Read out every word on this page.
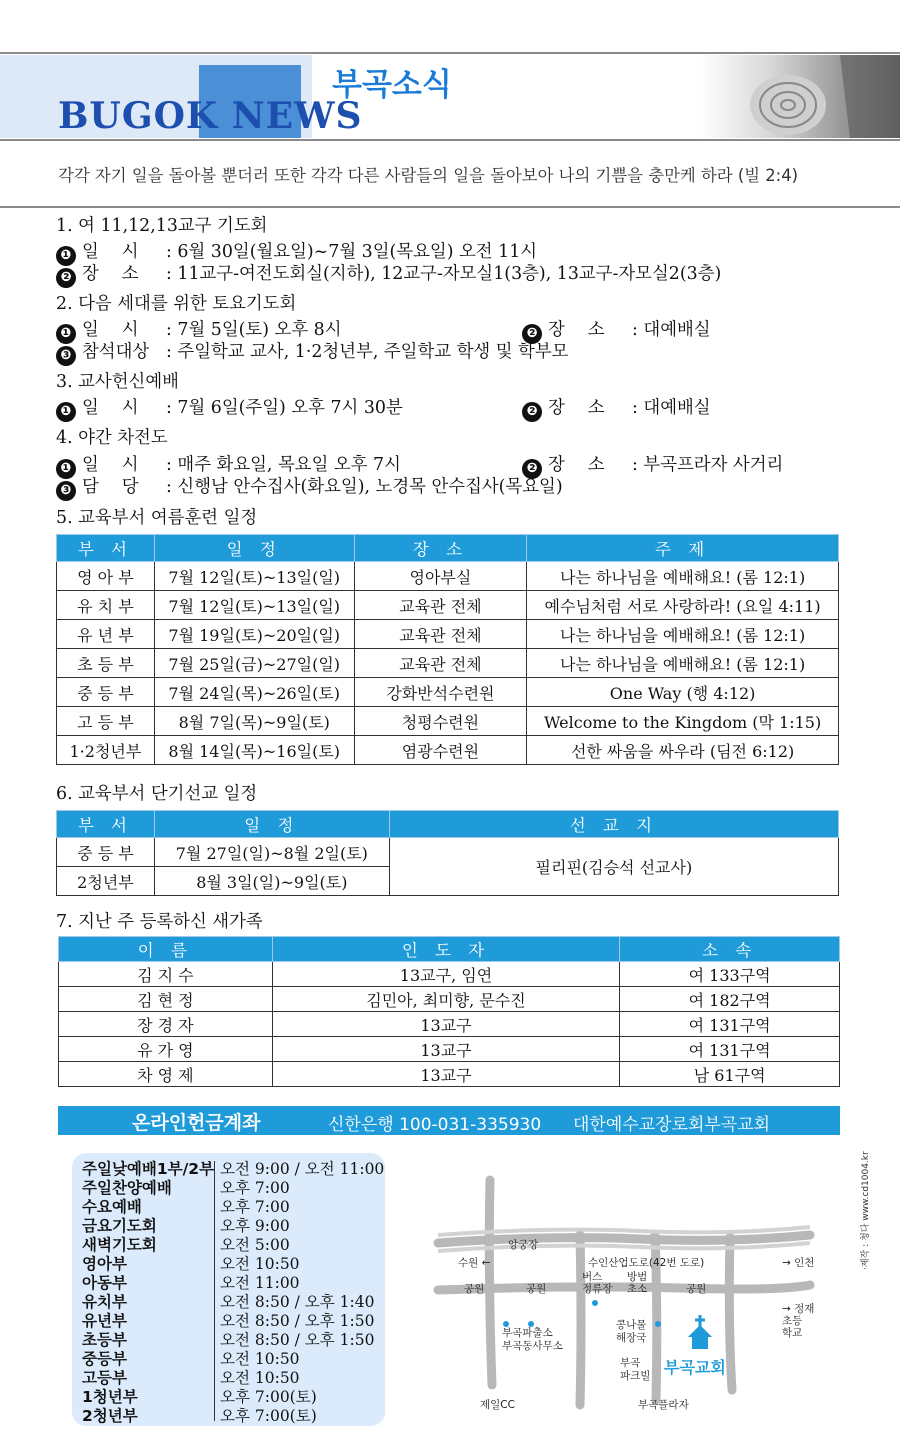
BUGOK NEWS
부곡소식
각각 자기 일을 돌아볼 뿐더러 또한 각각 다른 사람들의 일을 돌아보아 나의 기쁨을 충만케 하라 (빌 2:4)
1. 여 11,12,13교구 기도회
❶ 일　 시 : 6월 30일(월요일)~7월 3일(목요일) 오전 11시
❷ 장　 소 : 11교구-여전도회실(지하), 12교구-자모실1(3층), 13교구-자모실2(3층)
2. 다음 세대를 위한 토요기도회
❶ 일　 시 : 7월 5일(토) 오후 8시	❷ 장　 소 : 대예배실
❸ 참석대상 : 주일학교 교사, 1·2청년부, 주일학교 학생 및 학부모
3. 교사헌신예배
❶ 일　 시 : 7월 6일(주일) 오후 7시 30분	❷ 장　 소 : 대예배실
4. 야간 차전도
❶ 일　 시 : 매주 화요일, 목요일 오후 7시	❷ 장　 소 : 부곡프라자 사거리
❸ 담　 당 : 신행남 안수집사(화요일), 노경목 안수집사(목요일)
5. 교육부서 여름훈련 일정
부 서	일 정	장 소	주 제
영 아 부	7월 12일(토)~13일(일)	영아부실	나는 하나님을 예배해요! (롬 12:1)
유 치 부	7월 12일(토)~13일(일)	교육관 전체	예수님처럼 서로 사랑하라! (요일 4:11)
유 년 부	7월 19일(토)~20일(일)	교육관 전체	나는 하나님을 예배해요! (롬 12:1)
초 등 부	7월 25일(금)~27일(일)	교육관 전체	나는 하나님을 예배해요! (롬 12:1)
중 등 부	7월 24일(목)~26일(토)	강화반석수련원	One Way (행 4:12)
고 등 부	8월 7일(목)~9일(토)	청평수련원	Welcome to the Kingdom (막 1:15)
1·2청년부	8월 14일(목)~16일(토)	염광수련원	선한 싸움을 싸우라 (딤전 6:12)
6. 교육부서 단기선교 일정
부 서	일 정	선 교 지
중 등 부	7월 27일(일)~8월 2일(토)	필리핀(김승석 선교사)
2청년부	8월 3일(일)~9일(토)	
7. 지난 주 등록하신 새가족
이 름	인 도 자	소 속
김 지 수	13교구, 임연	여 133구역
김 현 정	김민아, 최미향, 문수진	여 182구역
장 경 자	13교구	여 131구역
유 가 영	13교구	여 131구역
차 영 제	13교구	남 61구역
온라인헌금계좌	신한은행 100-031-335930 대한예수교장로회부곡교회
주일낮예배1부/2부 오전 9:00 / 오전 11:00
주일찬양예배	오후 7:00
수요예배	오후 7:00
금요기도회	오후 9:00
새벽기도회	오전 5:00
영아부	오전 10:50
아동부	오전 11:00
유치부	오전 8:50 / 오후 1:40
유년부	오전 8:50 / 오후 1:50
초등부	오전 8:50 / 오후 1:50
중등부	오전 10:50
고등부	오전 10:50
1청년부	오후 7:00(토)
2청년부	오후 7:00(토)
앙궁장
수원 ←	수인산업도로(42번 도로)	→ 인천
공원	공원	공원
버스
정류장
방범
초소
→ 정재
초등
학교
부곡파출소
부곡동사무소
콩나물
해장국
부곡
파크빌 부곡교회
제일CC	부곡플라자
·제작 : 청다 www.cd1004.kr
